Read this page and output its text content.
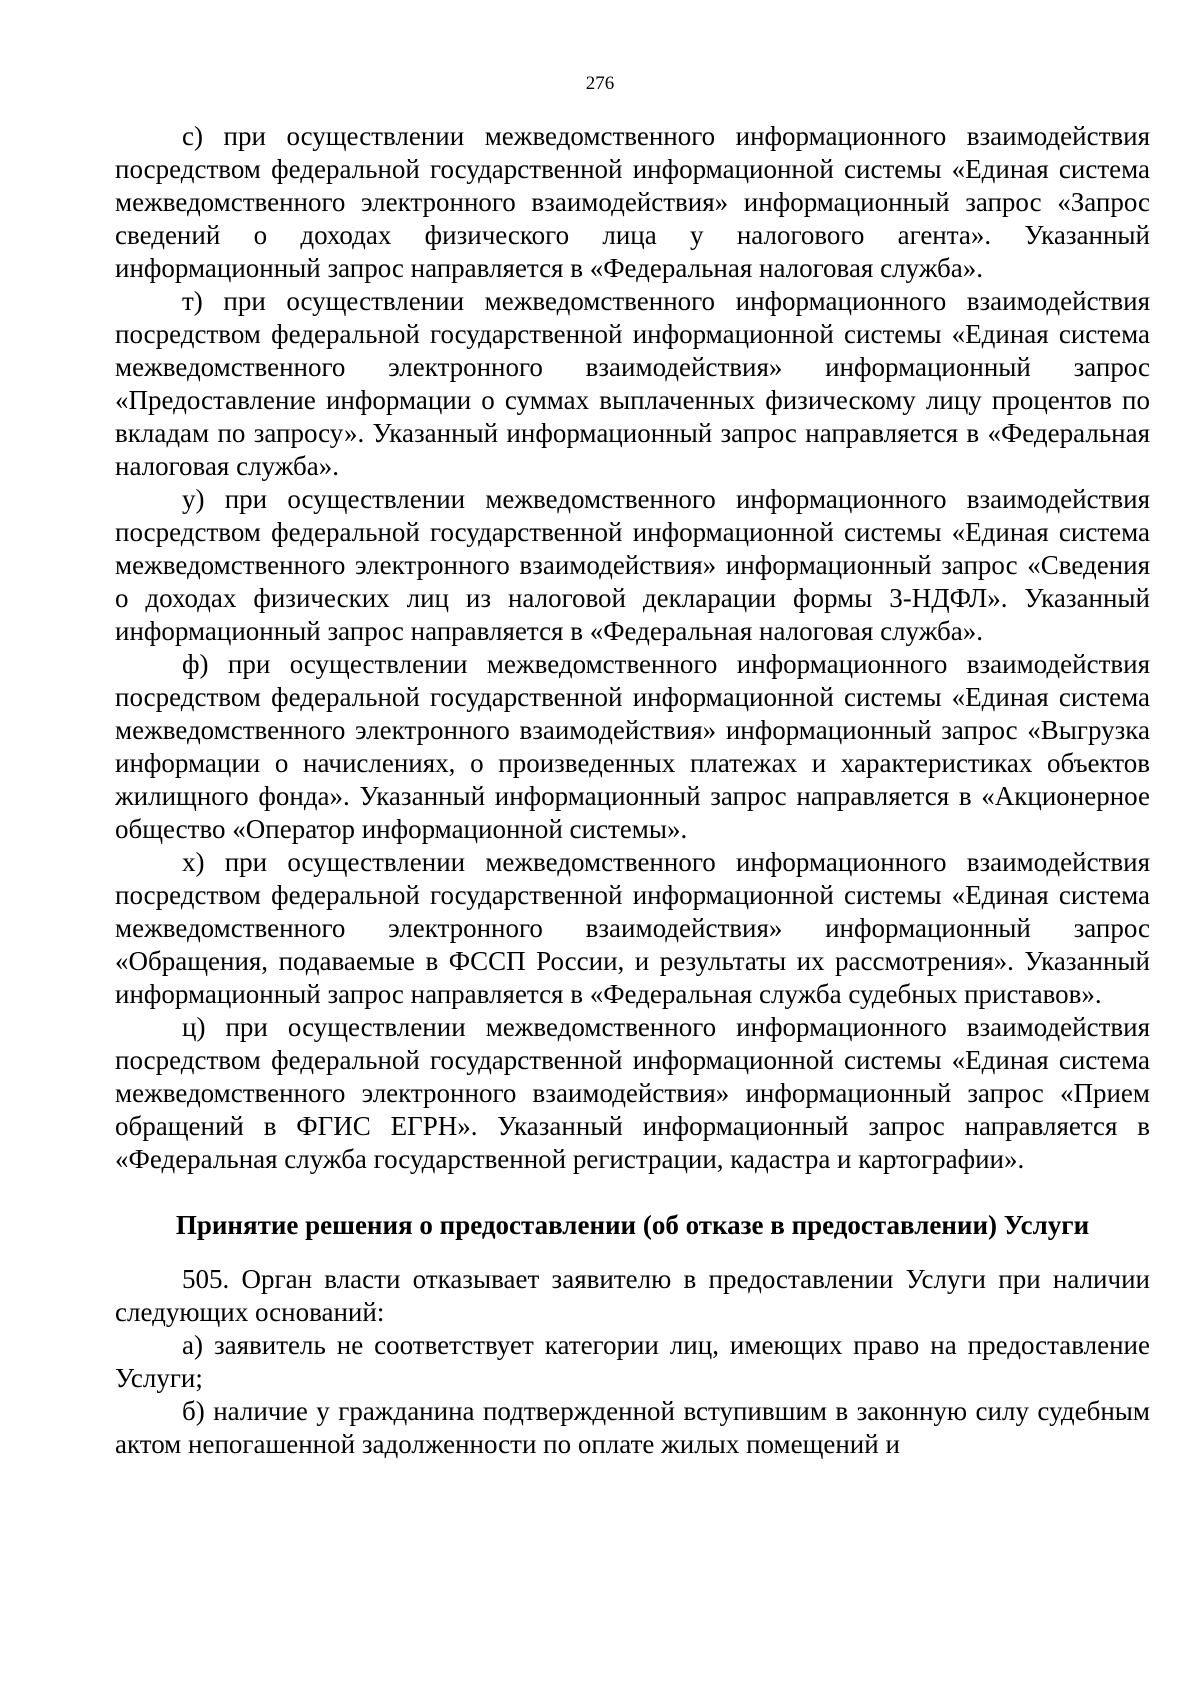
276

с) при осуществлении межведомственного информационного взаимодействия посредством федеральной государственной информационной системы «Единая система межведомственного электронного взаимодействия» информационный запрос «Запрос сведений о доходах физического лица у налогового агента». Указанный информационный запрос направляется в «Федеральная налоговая служба».

т) при осуществлении межведомственного информационного взаимодействия посредством федеральной государственной информационной системы «Единая система межведомственного электронного взаимодействия» информационный запрос «Предоставление информации о суммах выплаченных физическому лицу процентов по вкладам по запросу». Указанный информационный запрос направляется в «Федеральная налоговая служба».

у) при осуществлении межведомственного информационного взаимодействия посредством федеральной государственной информационной системы «Единая система межведомственного электронного взаимодействия» информационный запрос «Сведения о доходах физических лиц из налоговой декларации формы 3-НДФЛ». Указанный информационный запрос направляется в «Федеральная налоговая служба».

ф) при осуществлении межведомственного информационного взаимодействия посредством федеральной государственной информационной системы «Единая система межведомственного электронного взаимодействия» информационный запрос «Выгрузка информации о начислениях, о произведенных платежах и характеристиках объектов жилищного фонда». Указанный информационный запрос направляется в «Акционерное общество «Оператор информационной системы».

х) при осуществлении межведомственного информационного взаимодействия посредством федеральной государственной информационной системы «Единая система межведомственного электронного взаимодействия» информационный запрос «Обращения, подаваемые в ФССП России, и результаты их рассмотрения». Указанный информационный запрос направляется в «Федеральная служба судебных приставов».

ц) при осуществлении межведомственного информационного взаимодействия посредством федеральной государственной информационной системы «Единая система межведомственного электронного взаимодействия» информационный запрос «Прием обращений в ФГИС ЕГРН». Указанный информационный запрос направляется в «Федеральная служба государственной регистрации, кадастра и картографии».

Принятие решения о предоставлении (об отказе в предоставлении) Услуги

505. Орган власти отказывает заявителю в предоставлении Услуги при наличии следующих оснований:

а) заявитель не соответствует категории лиц, имеющих право на предоставление Услуги;

б) наличие у гражданина подтвержденной вступившим в законную силу судебным актом непогашенной задолженности по оплате жилых помещений и
